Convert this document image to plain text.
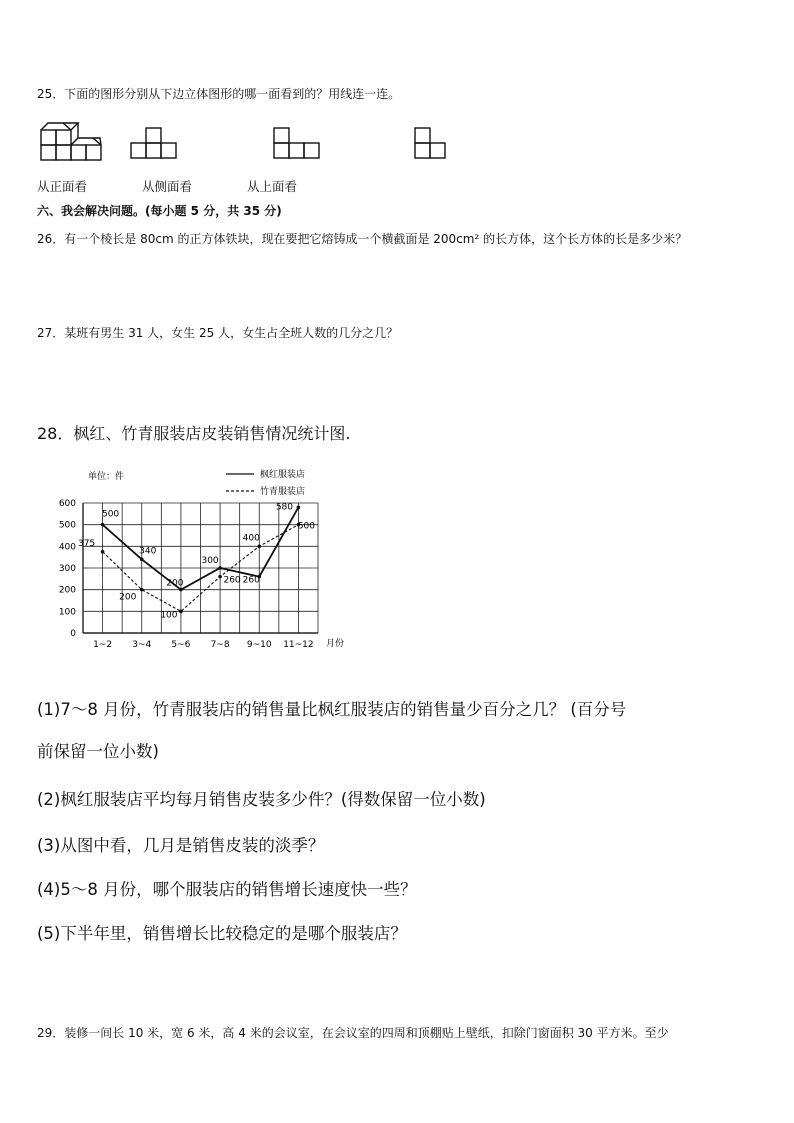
25．下面的图形分别从下边立体图形的哪一面看到的？用线连一连。
从正面看	从侧面看	从上面看
六、我会解决问题。(每小题 5 分，共 35 分)
26．有一个棱长是 80cm 的正方体铁块，现在要把它熔铸成一个横截面是 200cm² 的长方体，这个长方体的长是多少米？
27．某班有男生 31 人，女生 25 人，女生占全班人数的几分之几？
28．枫红、竹青服装店皮装销售情况统计图.
0
100
200
300
400
500
600
1~2 3~4 5~6 7~8 9~10 11~12
500
340
200
300
260
580
375
200
100
260
400
500
单位：件
月份
枫红服装店
竹青服装店
(1)7～8 月份，竹青服装店的销售量比枫红服装店的销售量少百分之几？ (百分号
前保留一位小数)
(2)枫红服装店平均每月销售皮装多少件？(得数保留一位小数)
(3)从图中看，几月是销售皮装的淡季？
(4)5～8 月份，哪个服装店的销售增长速度快一些？
(5)下半年里，销售增长比较稳定的是哪个服装店？
29．装修一间长 10 米，宽 6 米，高 4 米的会议室，在会议室的四周和顶棚贴上壁纸，扣除门窗面积 30 平方米。至少
